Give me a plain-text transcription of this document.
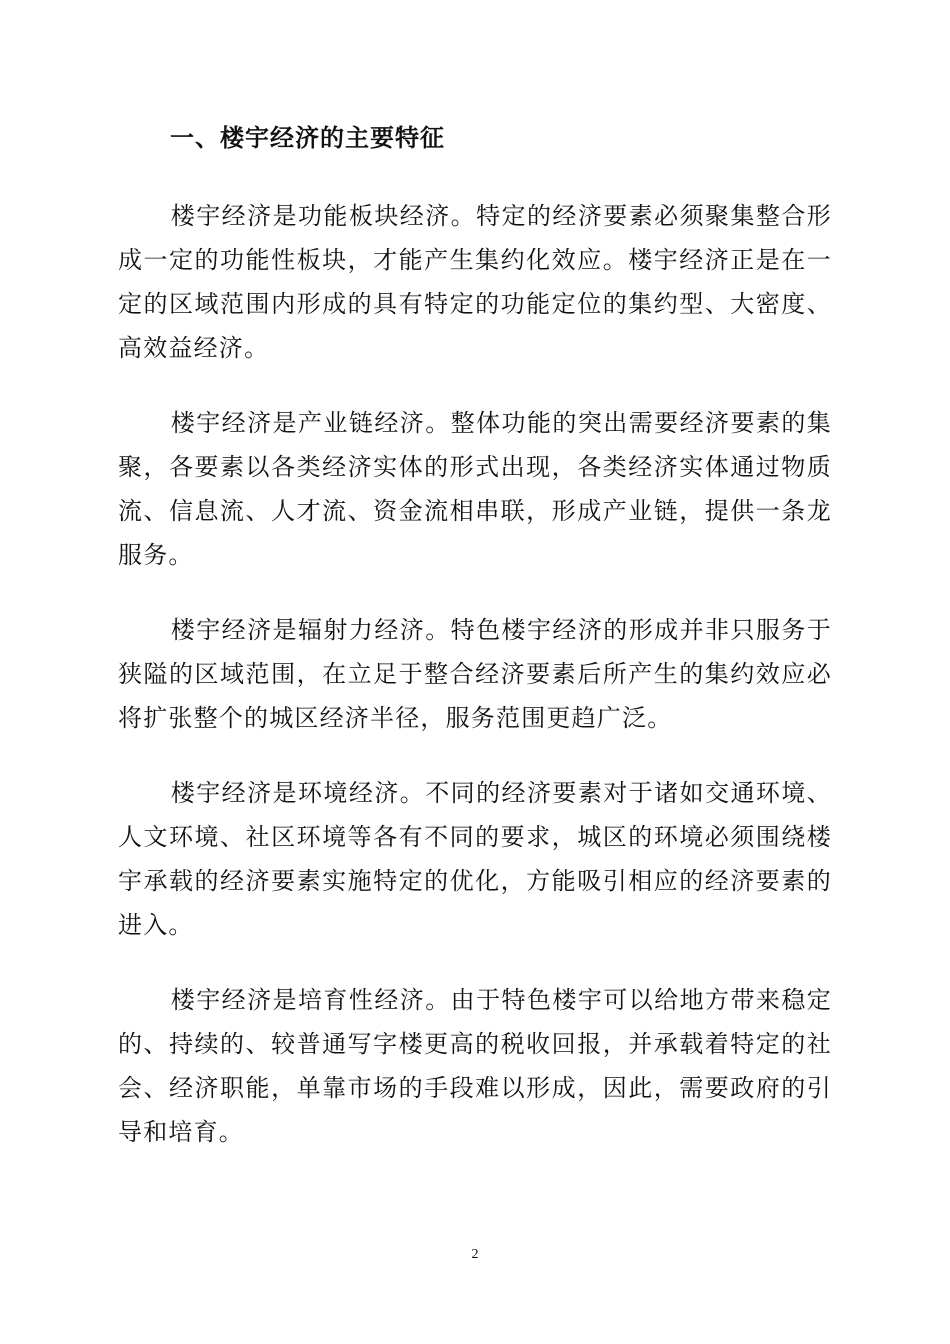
一、楼宇经济的主要特征

楼宇经济是功能板块经济。特定的经济要素必须聚集整合形成一定的功能性板块，才能产生集约化效应。楼宇经济正是在一定的区域范围内形成的具有特定的功能定位的集约型、大密度、高效益经济。

楼宇经济是产业链经济。整体功能的突出需要经济要素的集聚，各要素以各类经济实体的形式出现，各类经济实体通过物质流、信息流、人才流、资金流相串联，形成产业链，提供一条龙服务。

楼宇经济是辐射力经济。特色楼宇经济的形成并非只服务于狭隘的区域范围，在立足于整合经济要素后所产生的集约效应必将扩张整个的城区经济半径，服务范围更趋广泛。

楼宇经济是环境经济。不同的经济要素对于诸如交通环境、人文环境、社区环境等各有不同的要求，城区的环境必须围绕楼宇承载的经济要素实施特定的优化，方能吸引相应的经济要素的进入。

楼宇经济是培育性经济。由于特色楼宇可以给地方带来稳定的、持续的、较普通写字楼更高的税收回报，并承载着特定的社会、经济职能，单靠市场的手段难以形成，因此，需要政府的引导和培育。

2
